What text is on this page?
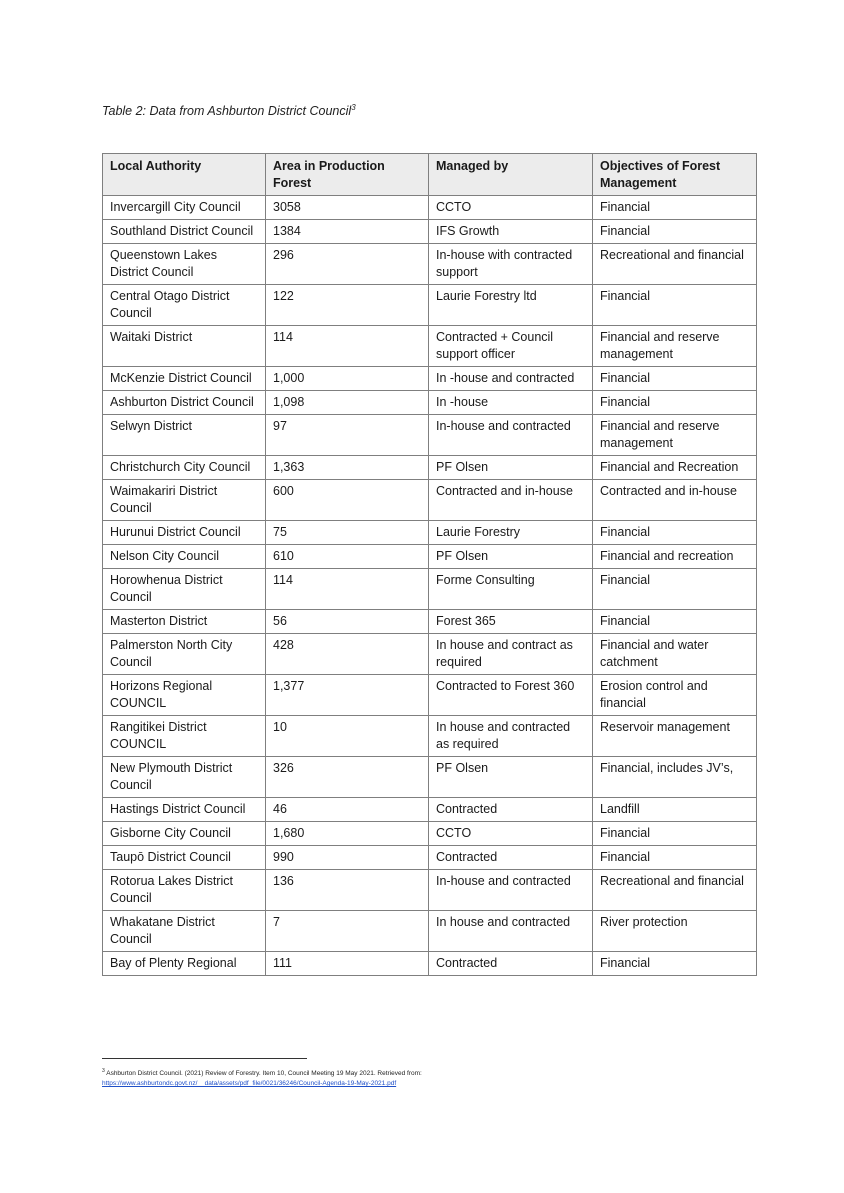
Table 2: Data from Ashburton District Council$^3$
Local Authority	Area in Production Forest	Managed by	Objectives of Forest Management
Invercargill City Council	3058	CCTO	Financial
Southland District Council	1384	IFS Growth	Financial
Queenstown Lakes District Council	296	In-house with contracted support	Recreational and financial
Central Otago District Council	122	Laurie Forestry ltd	Financial
Waitaki District	114	Contracted + Council support officer	Financial and reserve management
McKenzie District Council	1,000	In -house and contracted	Financial
Ashburton District Council	1,098	In -house	Financial
Selwyn District	97	In-house and contracted	Financial and reserve management
Christchurch City Council	1,363	PF Olsen	Financial and Recreation
Waimakariri District Council	600	Contracted and in-house	Contracted and in-house
Hurunui District Council	75	Laurie Forestry	Financial
Nelson City Council	610	PF Olsen	Financial and recreation
Horowhenua District Council	114	Forme Consulting	Financial
Masterton District	56	Forest 365	Financial
Palmerston North City Council	428	In house and contract as required	Financial and water catchment
Horizons Regional COUNCIL	1,377	Contracted to Forest 360	Erosion control and financial
Rangitikei District COUNCIL	10	In house and contracted as required	Reservoir management
New Plymouth District Council	326	PF Olsen	Financial, includes JV’s,
Hastings District Council	46	Contracted	Landfill
Gisborne City Council	1,680	CCTO	Financial
Taupō District Council	990	Contracted	Financial
Rotorua Lakes District Council	136	In-house and contracted	Recreational and financial
Whakatane District Council	7	In house and contracted	River protection
Bay of Plenty Regional	111	Contracted	Financial
$^3$ Ashburton District Council. (2021) Review of Forestry. Item 10, Council Meeting 19 May 2021. Retrieved from:
https://www.ashburtondc.govt.nz/__data/assets/pdf_file/0021/36246/Council-Agenda-19-May-2021.pdf
